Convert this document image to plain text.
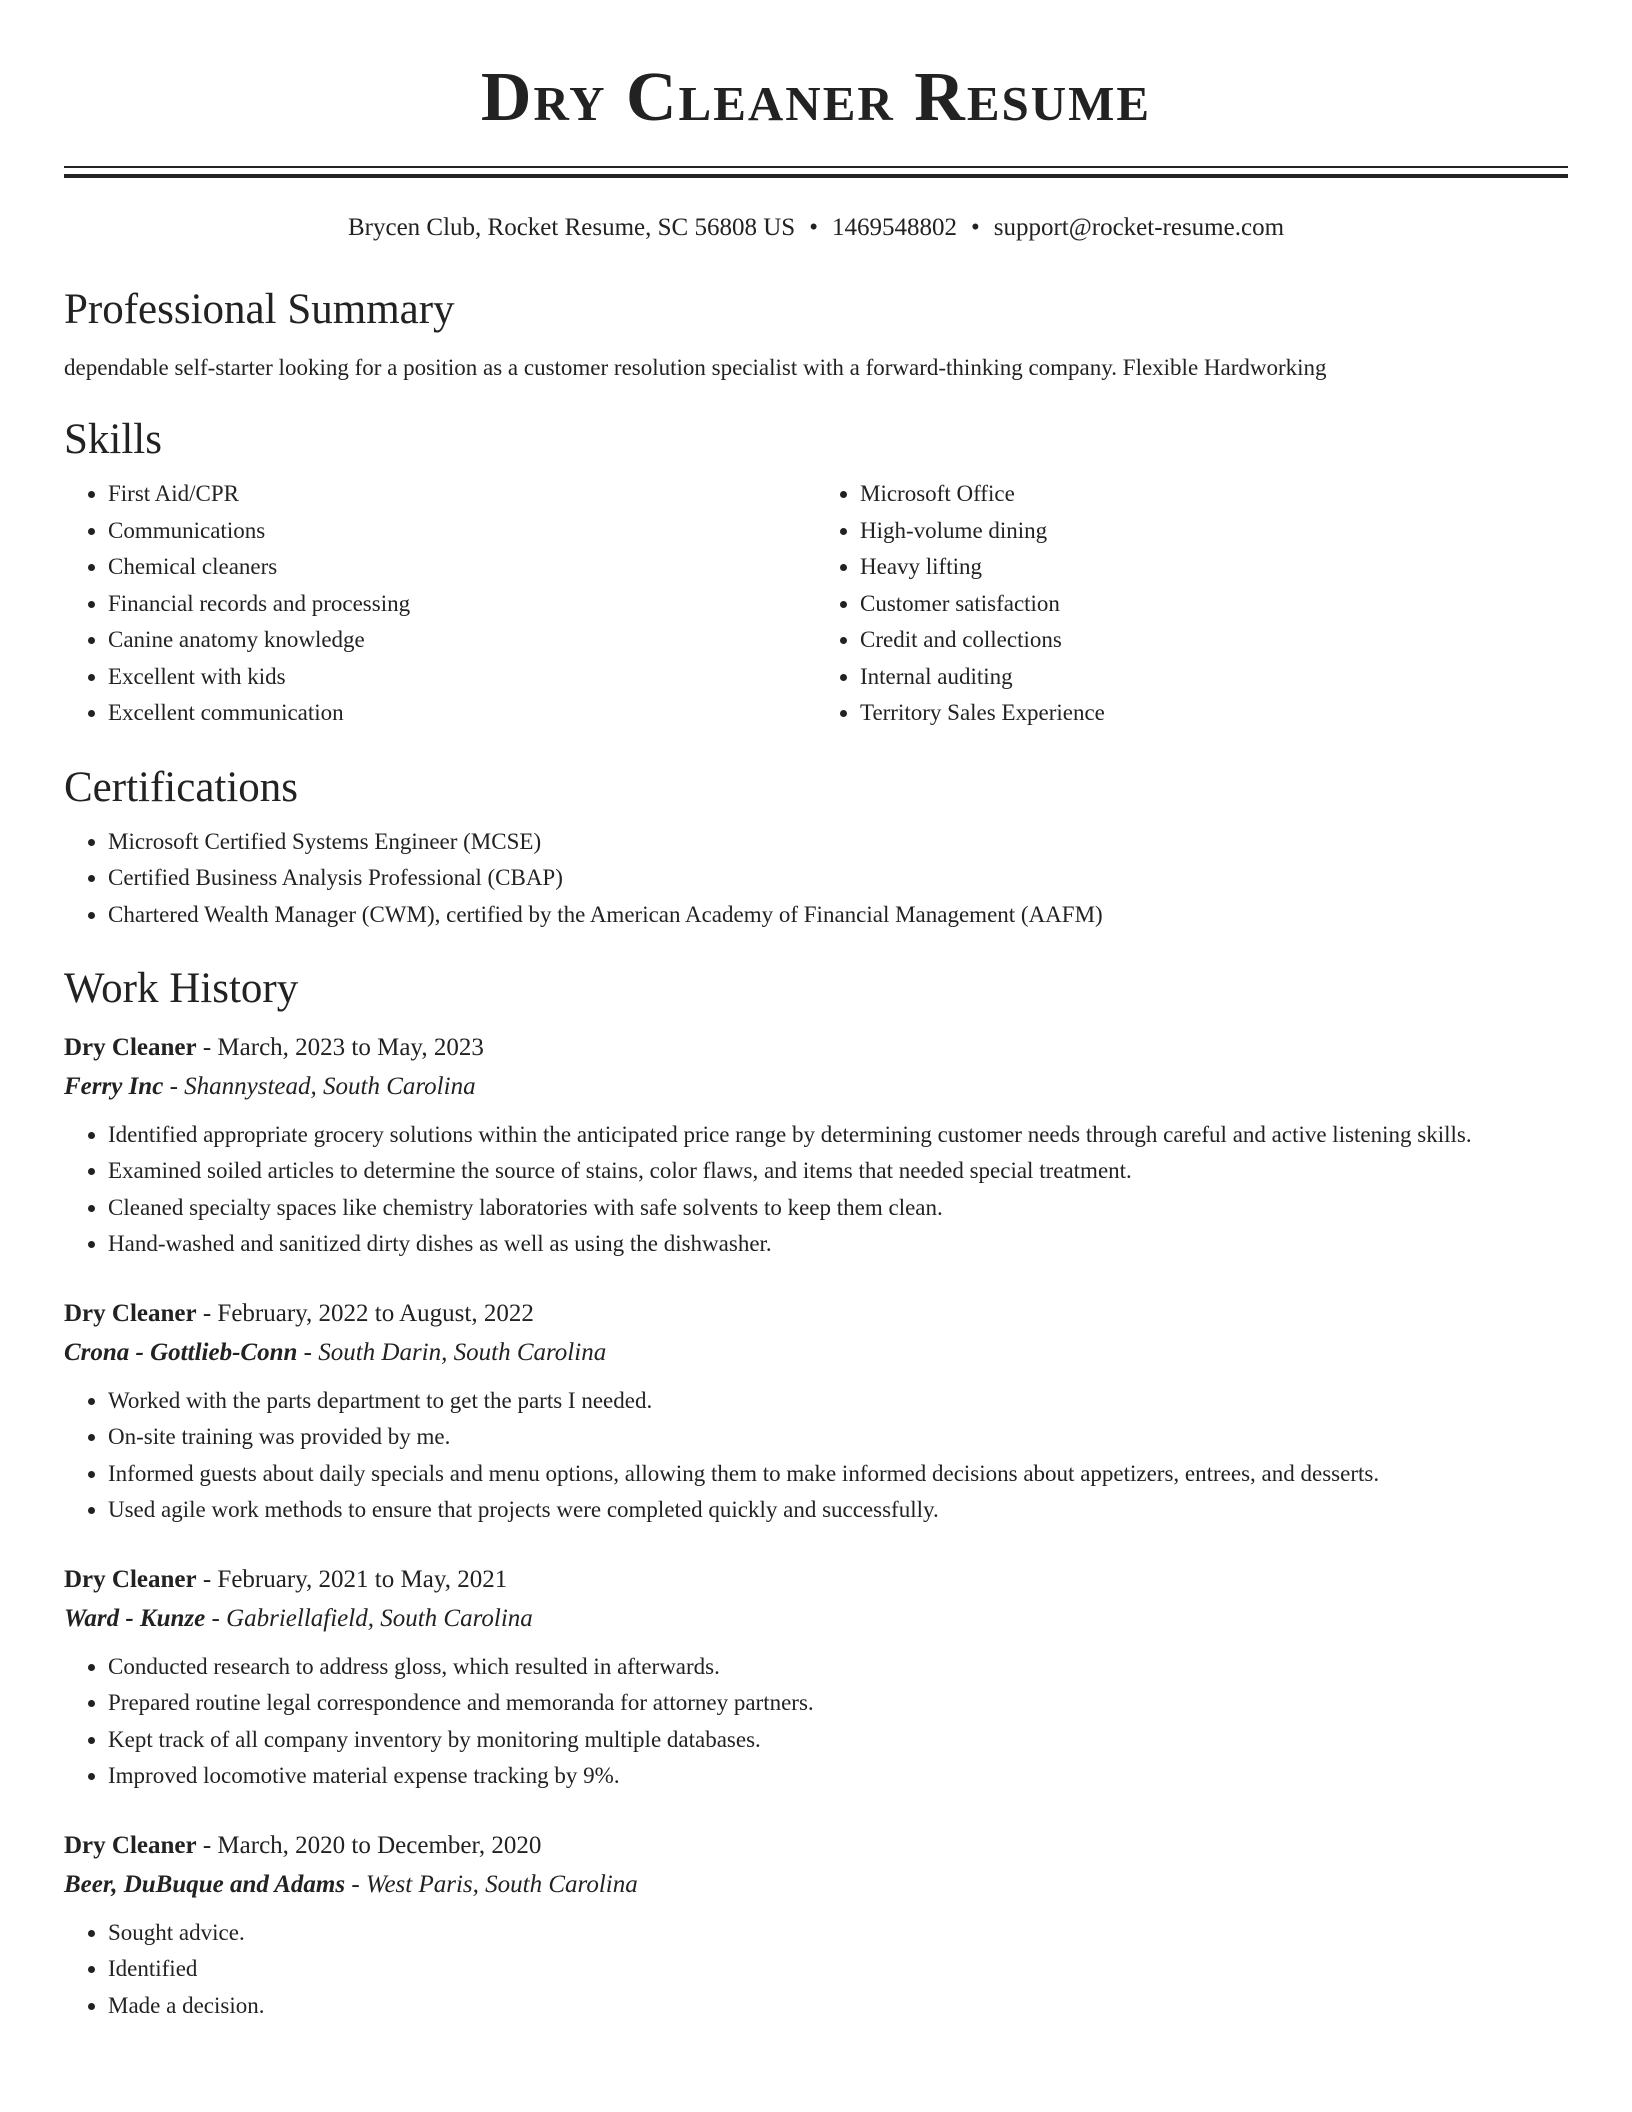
Dry Cleaner Resume
Brycen Club, Rocket Resume, SC 56808 US • 1469548802 • support@rocket-resume.com
Professional Summary
dependable self-starter looking for a position as a customer resolution specialist with a forward-thinking company. Flexible Hardworking
Skills
• First Aid/CPR
• Communications
• Chemical cleaners
• Financial records and processing
• Canine anatomy knowledge
• Excellent with kids
• Excellent communication
• Microsoft Office
• High-volume dining
• Heavy lifting
• Customer satisfaction
• Credit and collections
• Internal auditing
• Territory Sales Experience
Certifications
• Microsoft Certified Systems Engineer (MCSE)
• Certified Business Analysis Professional (CBAP)
• Chartered Wealth Manager (CWM), certified by the American Academy of Financial Management (AAFM)
Work History
Dry Cleaner - March, 2023 to May, 2023
Ferry Inc - Shannystead, South Carolina
• Identified appropriate grocery solutions within the anticipated price range by determining customer needs through careful and active listening skills.
• Examined soiled articles to determine the source of stains, color flaws, and items that needed special treatment.
• Cleaned specialty spaces like chemistry laboratories with safe solvents to keep them clean.
• Hand-washed and sanitized dirty dishes as well as using the dishwasher.
Dry Cleaner - February, 2022 to August, 2022
Crona - Gottlieb-Conn - South Darin, South Carolina
• Worked with the parts department to get the parts I needed.
• On-site training was provided by me.
• Informed guests about daily specials and menu options, allowing them to make informed decisions about appetizers, entrees, and desserts.
• Used agile work methods to ensure that projects were completed quickly and successfully.
Dry Cleaner - February, 2021 to May, 2021
Ward - Kunze - Gabriellafield, South Carolina
• Conducted research to address gloss, which resulted in afterwards.
• Prepared routine legal correspondence and memoranda for attorney partners.
• Kept track of all company inventory by monitoring multiple databases.
• Improved locomotive material expense tracking by 9%.
Dry Cleaner - March, 2020 to December, 2020
Beer, DuBuque and Adams - West Paris, South Carolina
• Sought advice.
• Identified
• Made a decision.
